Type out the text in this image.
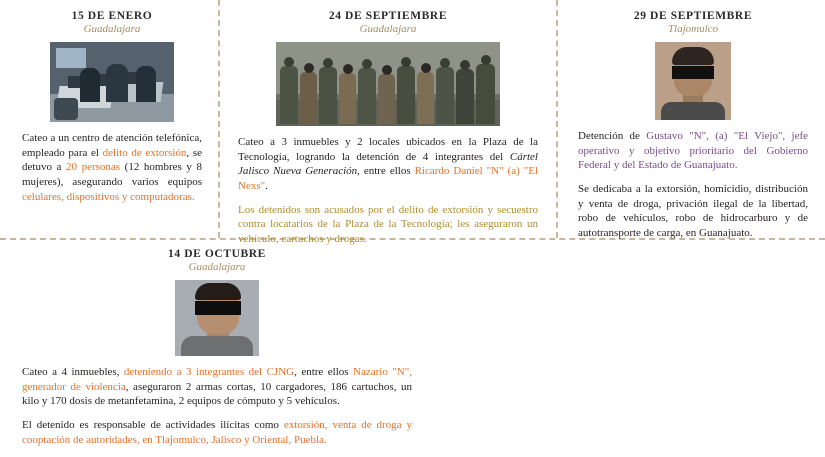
15 DE ENERO
Guadalajara

Cateo a un centro de atención telefónica, empleado para el delito de extorsión, se detuvo a 20 personas (12 hombres y 8 mujeres), asegurando varios equipos celulares, dispositivos y computadoras.

24 DE SEPTIEMBRE
Guadalajara

Cateo a 3 inmuebles y 2 locales ubicados en la Plaza de la Tecnología, logrando la detención de 4 integrantes del Cártel Jalisco Nueva Generación, entre ellos Ricardo Daniel "N" (a) "El Nexs".

Los detenidos son acusados por el delito de extorsión y secuestro contra locatarios de la Plaza de la Tecnología; les aseguraron un vehículo, cartuchos y drogas.

29 DE SEPTIEMBRE
Tlajomulco

Detención de Gustavo "N", (a) "El Viejo", jefe operativo y objetivo prioritario del Gobierno Federal y del Estado de Guanajuato.

Se dedicaba a la extorsión, homicidio, distribución y venta de droga, privación ilegal de la libertad, robo de vehículos, robo de hidrocarburo y de autotransporte de carga, en Guanajuato.

14 DE OCTUBRE
Guadalajara

Cateo a 4 inmuebles, deteniendo a 3 integrantes del CJNG, entre ellos Nazario "N", generador de violencia, aseguraron 2 armas cortas, 10 cargadores, 186 cartuchos, un kilo y 170 dosis de metanfetamina, 2 equipos de cómputo y 5 vehículos.

El detenido es responsable de actividades ilícitas como extorsión, venta de droga y cooptación de autoridades, en Tlajomulco, Jalisco y Oriental, Puebla.
